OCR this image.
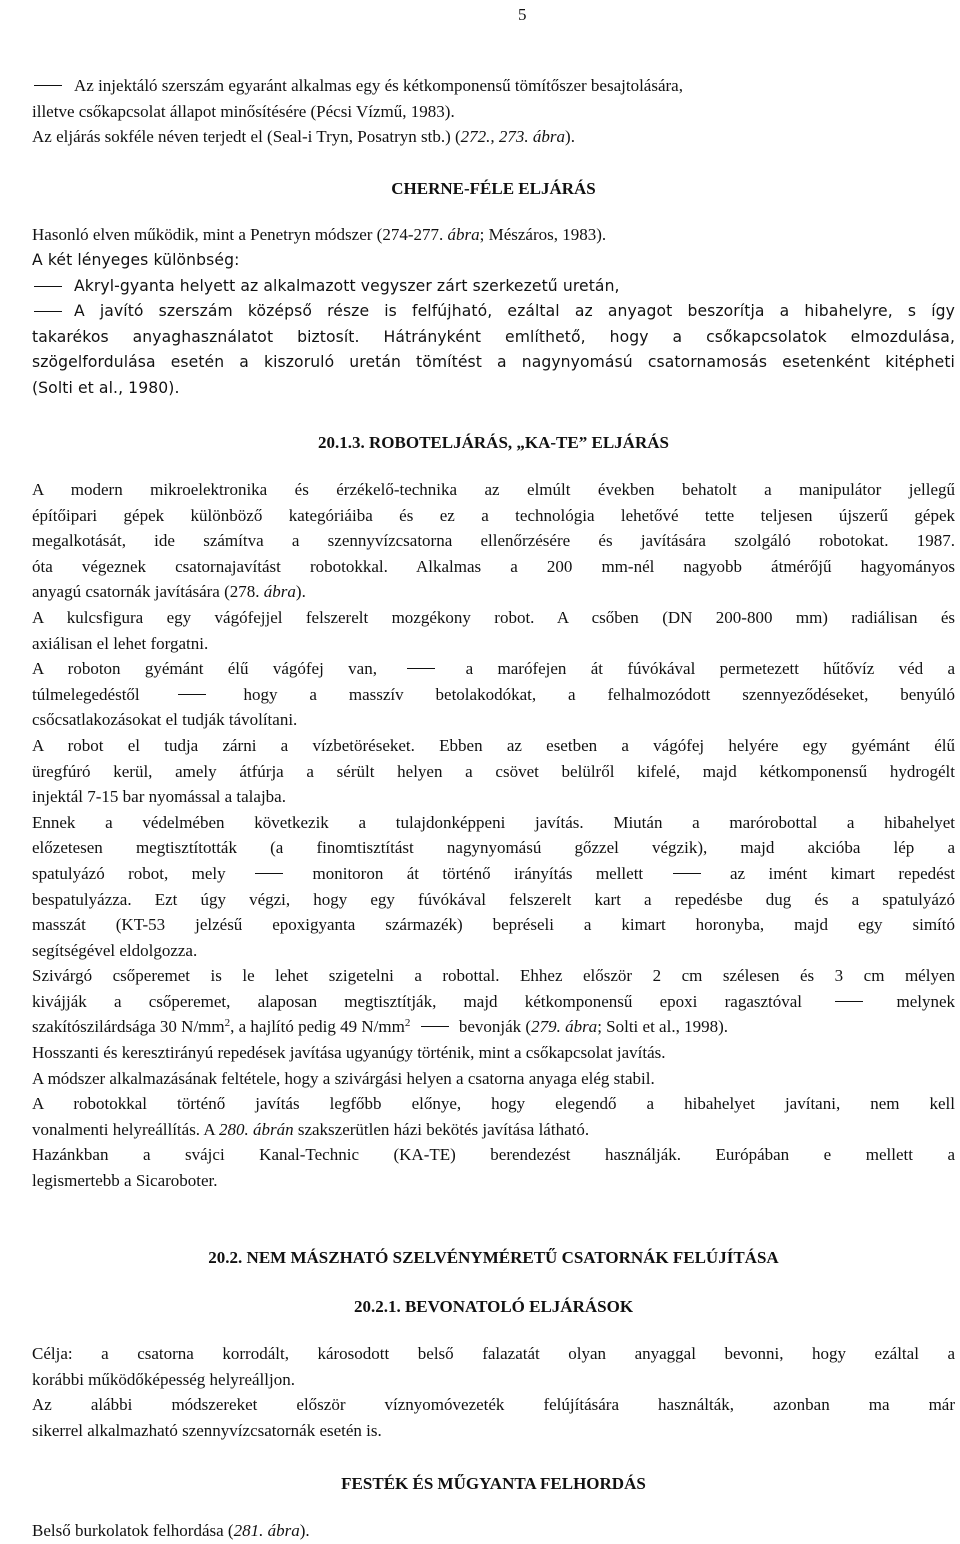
5
Az injektáló szerszám egyaránt alkalmas egy és kétkomponensű tömítőszer besajtolására,
illetve csőkapcsolat állapot minősítésére (Pécsi Vízmű, 1983).
Az eljárás sokféle néven terjedt el (Seal-i Tryn, Posatryn stb.) (272., 273. ábra).
CHERNE-FÉLE ELJÁRÁS
Hasonló elven működik, mint a Penetryn módszer (274-277. ábra; Mészáros, 1983).
A két lényeges különbség:
Akryl-gyanta helyett az alkalmazott vegyszer zárt szerkezetű uretán,
A javító szerszám középső része is felfújható, ezáltal az anyagot beszorítja a hibahelyre, s így
takarékos anyaghasználatot biztosít. Hátrányként említhető, hogy a csőkapcsolatok elmozdulása,
szögelfordulása esetén a kiszoruló uretán tömítést a nagynyomású csatornamosás esetenként kitépheti
(Solti et al., 1980).
20.1.3. ROBOTELJÁRÁS, „KA-TE” ELJÁRÁS
A modern mikroelektronika és érzékelő-technika az elmúlt években behatolt a manipulátor jellegű
építőipari gépek különböző kategóriáiba és ez a technológia lehetővé tette teljesen újszerű gépek
megalkotását, ide számítva a szennyvízcsatorna ellenőrzésére és javítására szolgáló robotokat. 1987.
óta végeznek csatornajavítást robotokkal. Alkalmas a 200 mm-nél nagyobb átmérőjű hagyományos
anyagú csatornák javítására (278. ábra).
A kulcsfigura egy vágófejjel felszerelt mozgékony robot. A csőben (DN 200-800 mm) radiálisan és
axiálisan el lehet forgatni.
A roboton gyémánt élű vágófej van,	a marófejen át fúvókával permetezett hűtővíz véd a
túlmelegedéstől	hogy a masszív betolakodókat, a felhalmozódott szennyeződéseket, benyúló
csőcsatlakozásokat el tudják távolítani.
A robot el tudja zárni a vízbetöréseket. Ebben az esetben a vágófej helyére egy gyémánt élű
üregfúró kerül, amely átfúrja a sérült helyen a csövet belülről kifelé, majd kétkomponensű hydrogélt
injektál 7-15 bar nyomással a talajba.
Ennek a védelmében következik a tulajdonképpeni javítás. Miután a marórobottal a hibahelyet
előzetesen megtisztították (a finomtisztítást nagynyomású gőzzel végzik), majd akcióba lép a
spatulyázó robot, mely	monitoron át történő irányítás mellett	az imént kimart repedést
bespatulyázza. Ezt úgy végzi, hogy egy fúvókával felszerelt kart a repedésbe dug és a spatulyázó
masszát (KT-53 jelzésű epoxigyanta származék) bepréseli a kimart horonyba, majd egy simító
segítségével eldolgozza.
Szivárgó csőperemet is le lehet szigetelni a robottal. Ehhez először 2 cm szélesen és 3 cm mélyen
kivájják a csőperemet, alaposan megtisztítják, majd kétkomponensű epoxi ragasztóval	melynek
szakítószilárdsága 30 $N/mm^2$, a hajlító pedig 49 $N/mm^2$	bevonják (279. ábra; Solti et al., 1998).
Hosszanti és keresztirányú repedések javítása ugyanúgy történik, mint a csőkapcsolat javítás.
A módszer alkalmazásának feltétele, hogy a szivárgási helyen a csatorna anyaga elég stabil.
A robotokkal történő javítás legfőbb előnye, hogy elegendő a hibahelyet javítani, nem kell
vonalmenti helyreállítás. A 280. ábrán szakszerütlen házi bekötés javítása látható.
Hazánkban a svájci Kanal-Technic (KA-TE) berendezést használják. Európában e mellett a
legismertebb a Sicaroboter.
20.2. NEM MÁSZHATÓ SZELVÉNYMÉRETŰ CSATORNÁK FELÚJÍTÁSA
20.2.1. BEVONATOLÓ ELJÁRÁSOK
Célja: a csatorna korrodált, károsodott belső falazatát olyan anyaggal bevonni, hogy ezáltal a
korábbi működőképesség helyreálljon.
Az alábbi módszereket először víznyomóvezeték felújítására használták, azonban ma már
sikerrel alkalmazható szennyvízcsatornák esetén is.
FESTÉK ÉS MŰGYANTA FELHORDÁS
Belső burkolatok felhordása (281. ábra).
